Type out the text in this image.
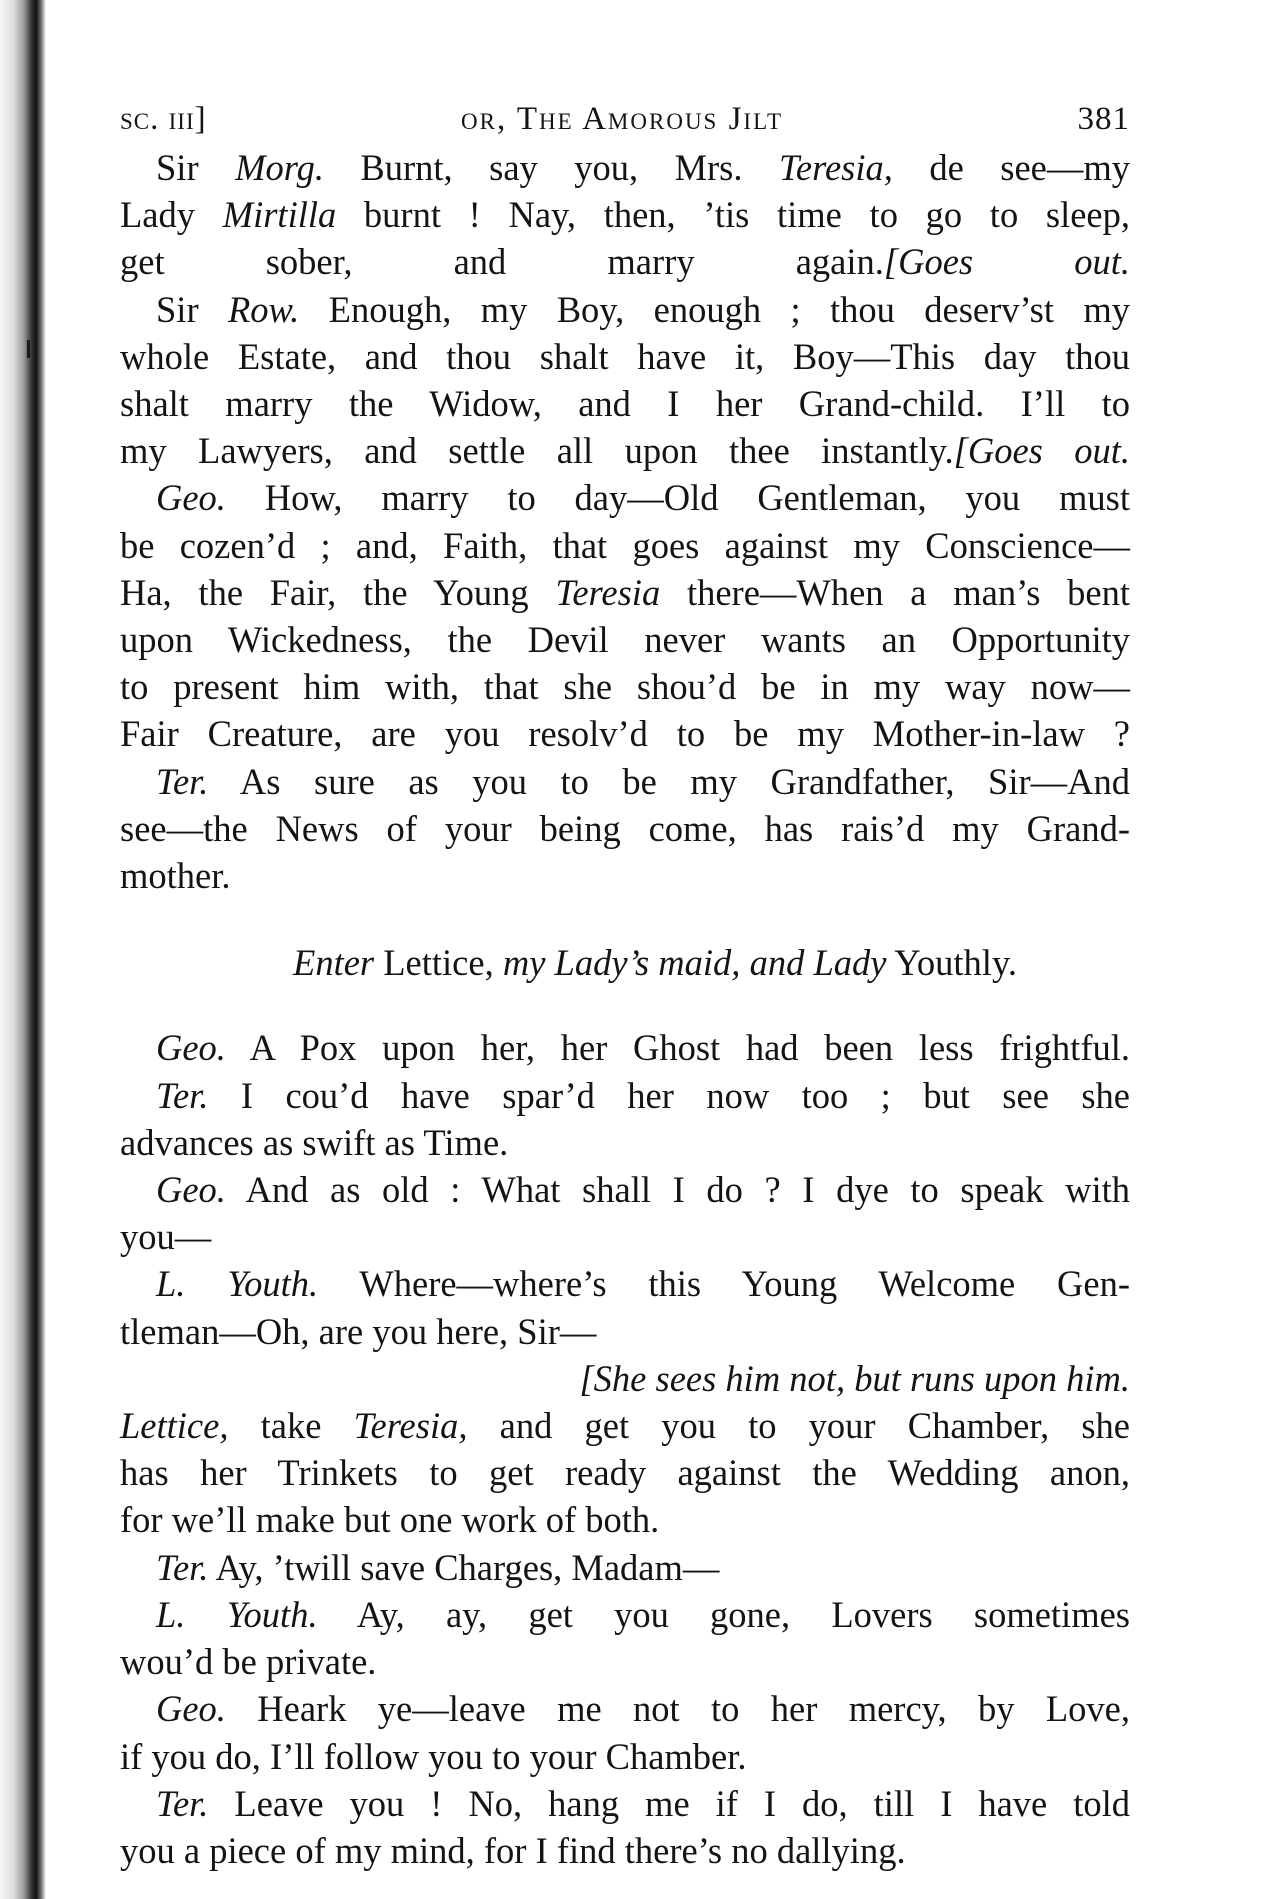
sc. iii]	or, The Amorous Jilt	381

Sir Morg. Burnt, say you, Mrs. Teresia, de see—my

Lady Mirtilla burnt ! Nay, then, ’tis time to go to sleep,

get sober, and marry again.[Goes out.

Sir Row. Enough, my Boy, enough ; thou deserv’st my

whole Estate, and thou shalt have it, Boy—This day thou

shalt marry the Widow, and I her Grand-child. I’ll to

my Lawyers, and settle all upon thee instantly.[Goes out.

Geo. How, marry to day—Old Gentleman, you must

be cozen’d ; and, Faith, that goes against my Conscience—

Ha, the Fair, the Young Teresia there—When a man’s bent

upon Wickedness, the Devil never wants an Opportunity

to present him with, that she shou’d be in my way now—

Fair Creature, are you resolv’d to be my Mother-in-law ?

Ter. As sure as you to be my Grandfather, Sir—And

see—the News of your being come, has rais’d my Grand-

mother.

Enter Lettice, my Lady’s maid, and Lady Youthly.

Geo. A Pox upon her, her Ghost had been less frightful.

Ter. I cou’d have spar’d her now too ; but see she

advances as swift as Time.

Geo. And as old : What shall I do ? I dye to speak with

you—

L. Youth. Where—where’s this Young Welcome Gen-

tleman—Oh, are you here, Sir—

[She sees him not, but runs upon him.

Lettice, take Teresia, and get you to your Chamber, she

has her Trinkets to get ready against the Wedding anon,

for we’ll make but one work of both.

Ter. Ay, ’twill save Charges, Madam—

L. Youth. Ay, ay, get you gone, Lovers sometimes

wou’d be private.

Geo. Heark ye—leave me not to her mercy, by Love,

if you do, I’ll follow you to your Chamber.

Ter. Leave you ! No, hang me if I do, till I have told

you a piece of my mind, for I find there’s no dallying.
